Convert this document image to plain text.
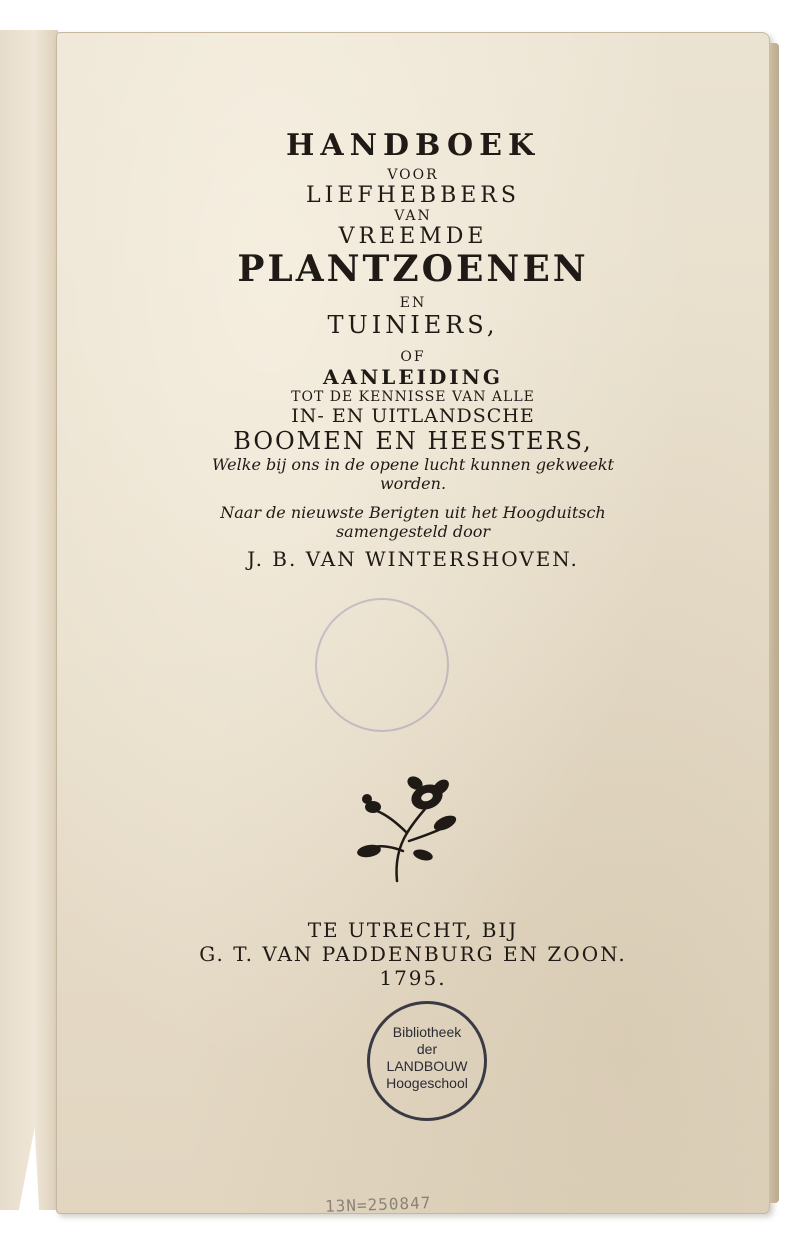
HANDBOEK
VOOR
LIEFHEBBERS
VAN
VREEMDE
PLANTZOENEN
EN
TUINIERS,
OF
AANLEIDING
TOT DE KENNISSE VAN ALLE
IN- EN UITLANDSCHE
BOOMEN EN HEESTERS,
Welke bij ons in de opene lucht kunnen gekweekt
worden.
Naar de nieuwste Berigten uit het Hoogduitsch
samengesteld door
J. B. VAN WINTERSHOVEN.
TE UTRECHT, BIJ
G. T. VAN PADDENBURG EN ZOON.
1795.
Bibliotheek
der
LANDBOUW
Hoogeschool
13N=250847
